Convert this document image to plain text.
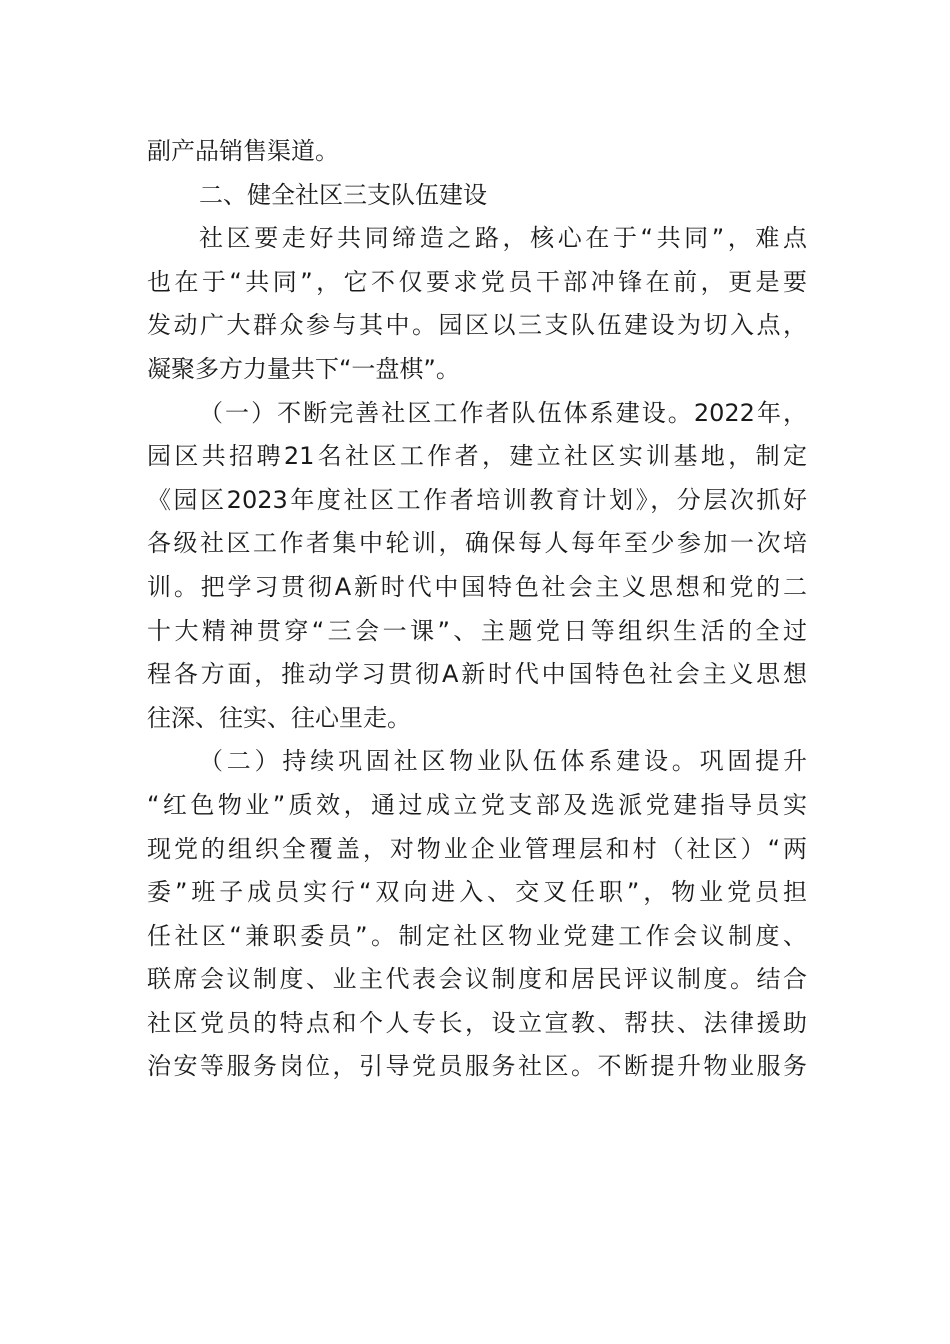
副产品销售渠道。
二、健全社区三支队伍建设
社区要走好共同缔造之路，核心在于“共同”，难点
也在于“共同”，它不仅要求党员干部冲锋在前，更是要
发动广大群众参与其中。园区以三支队伍建设为切入点，
凝聚多方力量共下“一盘棋”。
（一）不断完善社区工作者队伍体系建设。2022年，
园区共招聘21名社区工作者，建立社区实训基地，制定
《园区2023年度社区工作者培训教育计划》，分层次抓好
各级社区工作者集中轮训，确保每人每年至少参加一次培
训。把学习贯彻A新时代中国特色社会主义思想和党的二
十大精神贯穿“三会一课”、主题党日等组织生活的全过
程各方面，推动学习贯彻A新时代中国特色社会主义思想
往深、往实、往心里走。
（二）持续巩固社区物业队伍体系建设。巩固提升
“红色物业”质效，通过成立党支部及选派党建指导员实
现党的组织全覆盖，对物业企业管理层和村（社区）“两
委”班子成员实行“双向进入、交叉任职”，物业党员担
任社区“兼职委员”。制定社区物业党建工作会议制度、
联席会议制度、业主代表会议制度和居民评议制度。结合
社区党员的特点和个人专长，设立宣教、帮扶、法律援助
治安等服务岗位，引导党员服务社区。不断提升物业服务
